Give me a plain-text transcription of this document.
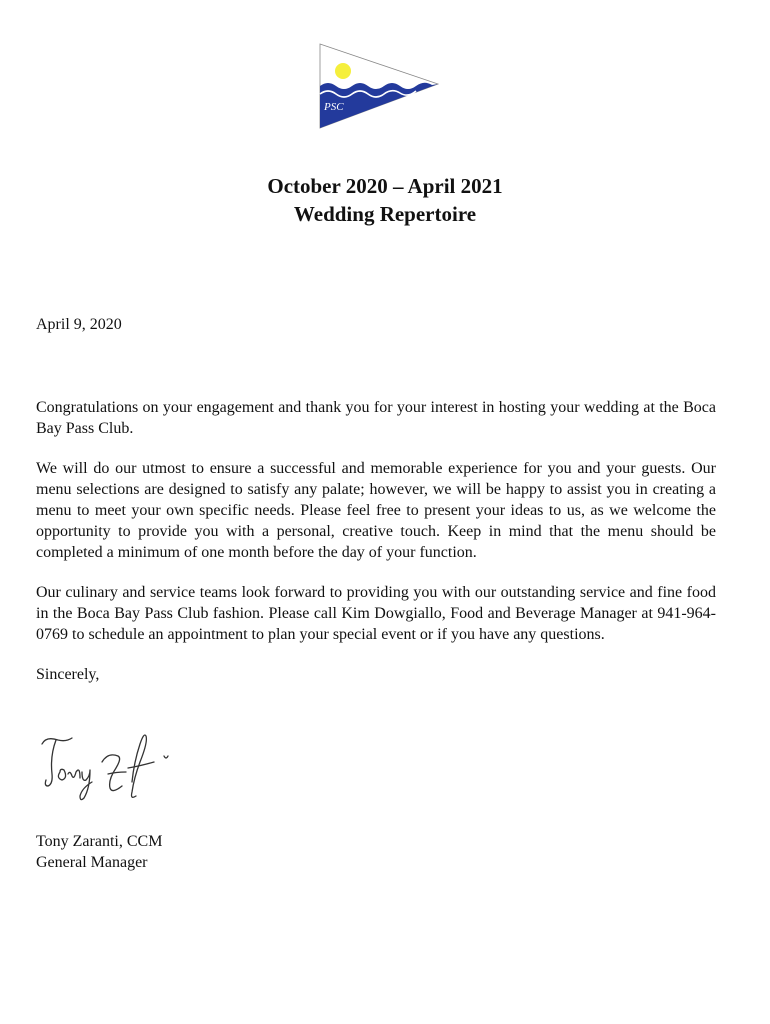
PSC
October 2020 – April 2021
Wedding Repertoire
April 9, 2020

Congratulations on your engagement and thank you for your interest in hosting your wedding at the Boca Bay Pass Club.

We will do our utmost to ensure a successful and memorable experience for you and your guests. Our menu selections are designed to satisfy any palate; however, we will be happy to assist you in creating a menu to meet your own specific needs. Please feel free to present your ideas to us, as we welcome the opportunity to provide you with a personal, creative touch. Keep in mind that the menu should be completed a minimum of one month before the day of your function.

Our culinary and service teams look forward to providing you with our outstanding service and fine food in the Boca Bay Pass Club fashion. Please call Kim Dowgiallo, Food and Beverage Manager at 941-964-0769 to schedule an appointment to plan your special event or if you have any questions.

Sincerely,

Tony Zaranti, CCM
General Manager
